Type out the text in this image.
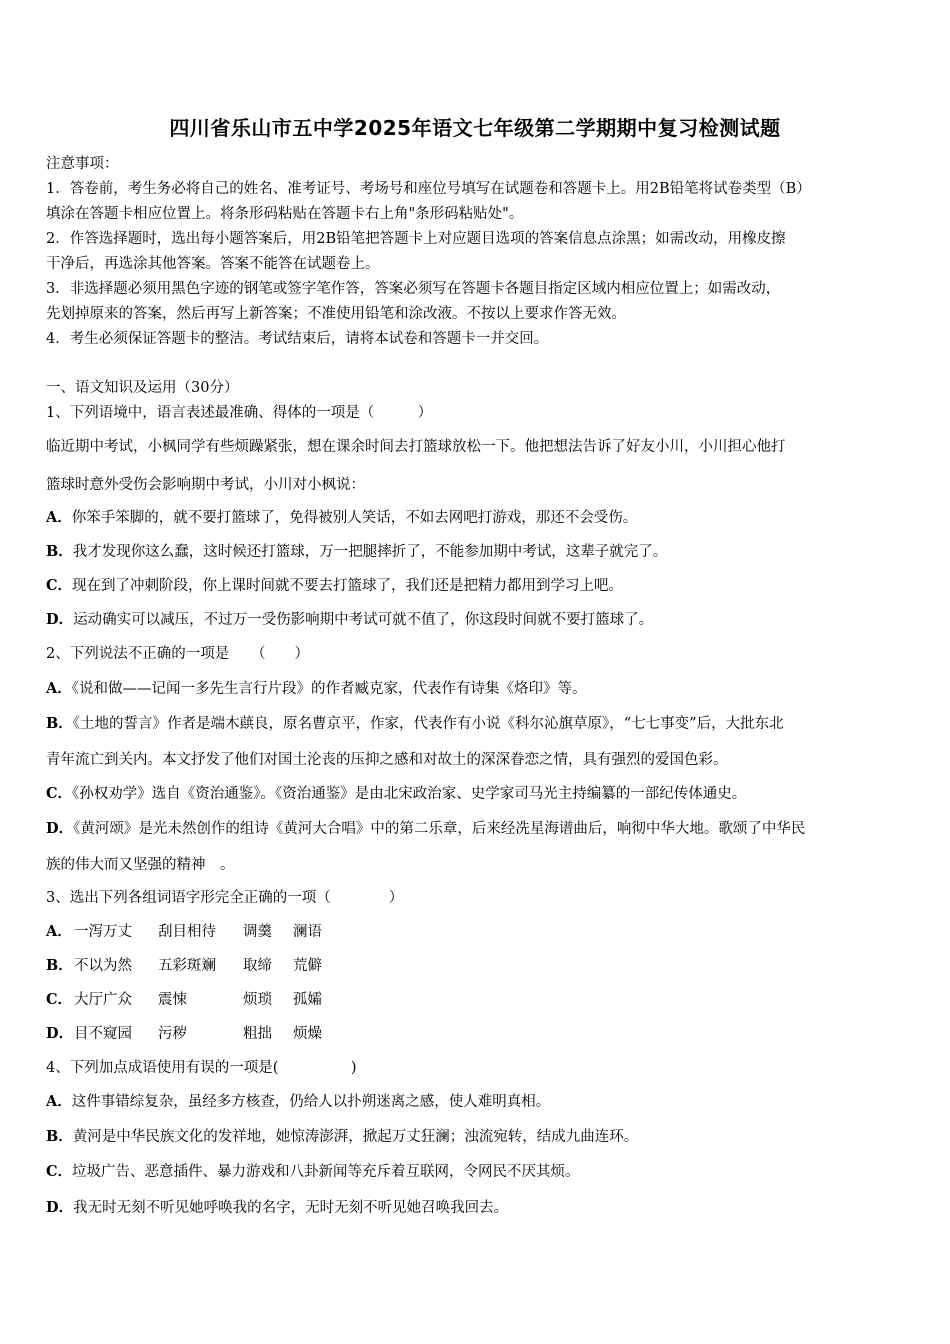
四川省乐山市五中学2025年语文七年级第二学期期中复习检测试题
注意事项：
1．答卷前，考生务必将自己的姓名、准考证号、考场号和座位号填写在试题卷和答题卡上。用2B铅笔将试卷类型（B）
填涂在答题卡相应位置上。将条形码粘贴在答题卡右上角"条形码粘贴处"。
2．作答选择题时，选出每小题答案后，用2B铅笔把答题卡上对应题目选项的答案信息点涂黑；如需改动，用橡皮擦
干净后，再选涂其他答案。答案不能答在试题卷上。
3．非选择题必须用黑色字迹的钢笔或签字笔作答，答案必须写在答题卡各题目指定区域内相应位置上；如需改动，
先划掉原来的答案，然后再写上新答案；不准使用铅笔和涂改液。不按以上要求作答无效。
4．考生必须保证答题卡的整洁。考试结束后，请将本试卷和答题卡一并交回。
一、语文知识及运用（30分）
1、下列语境中，语言表述最准确、得体的一项是（　　　）
临近期中考试，小枫同学有些烦躁紧张，想在课余时间去打篮球放松一下。他把想法告诉了好友小川，小川担心他打
篮球时意外受伤会影响期中考试，小川对小枫说：
A．你笨手笨脚的，就不要打篮球了，免得被别人笑话，不如去网吧打游戏，那还不会受伤。
B．我才发现你这么蠢，这时候还打篮球，万一把腿摔折了，不能参加期中考试，这辈子就完了。
C．现在到了冲刺阶段，你上课时间就不要去打篮球了，我们还是把精力都用到学习上吧。
D．运动确实可以减压，不过万一受伤影响期中考试可就不值了，你这段时间就不要打篮球了。
2、下列说法不正确的一项是　　（　　）
A．《说和做——记闻一多先生言行片段》的作者臧克家，代表作有诗集《烙印》等。
B．《土地的誓言》作者是端木蕻良，原名曹京平，作家，代表作有小说《科尔沁旗草原》，“七七事变”后，大批东北
青年流亡到关内。本文抒发了他们对国土沦丧的压抑之感和对故土的深深眷恋之情，具有强烈的爱国色彩。
C．《孙权劝学》选自《资治通鉴》。《资治通鉴》是由北宋政治家、史学家司马光主持编纂的一部纪传体通史。
D．《黄河颂》是光未然创作的组诗《黄河大合唱》中的第二乐章，后来经冼星海谱曲后，响彻中华大地。歌颂了中华民
族的伟大而又坚强的精神　。
3、选出下列各组词语字形完全正确的一项（　　　　）
A． 一泻万丈 刮目相待 调羹 澜语
B． 不以为然 五彩斑斓 取缔 荒僻
C． 大厅广众 震悚	烦琐 孤孀
D． 目不窥园 污秽	粗拙 烦燥
4、下列加点成语使用有误的一项是(　　　　　)
A．这件事错综复杂，虽经多方核查，仍给人以扑朔迷离之感，使人难明真相。
B．黄河是中华民族文化的发祥地，她惊涛澎湃，掀起万丈狂澜；浊流宛转，结成九曲连环。
C．垃圾广告、恶意插件、暴力游戏和八卦新闻等充斥着互联网，令网民不厌其烦。
D．我无时无刻不听见她呼唤我的名字，无时无刻不听见她召唤我回去。
